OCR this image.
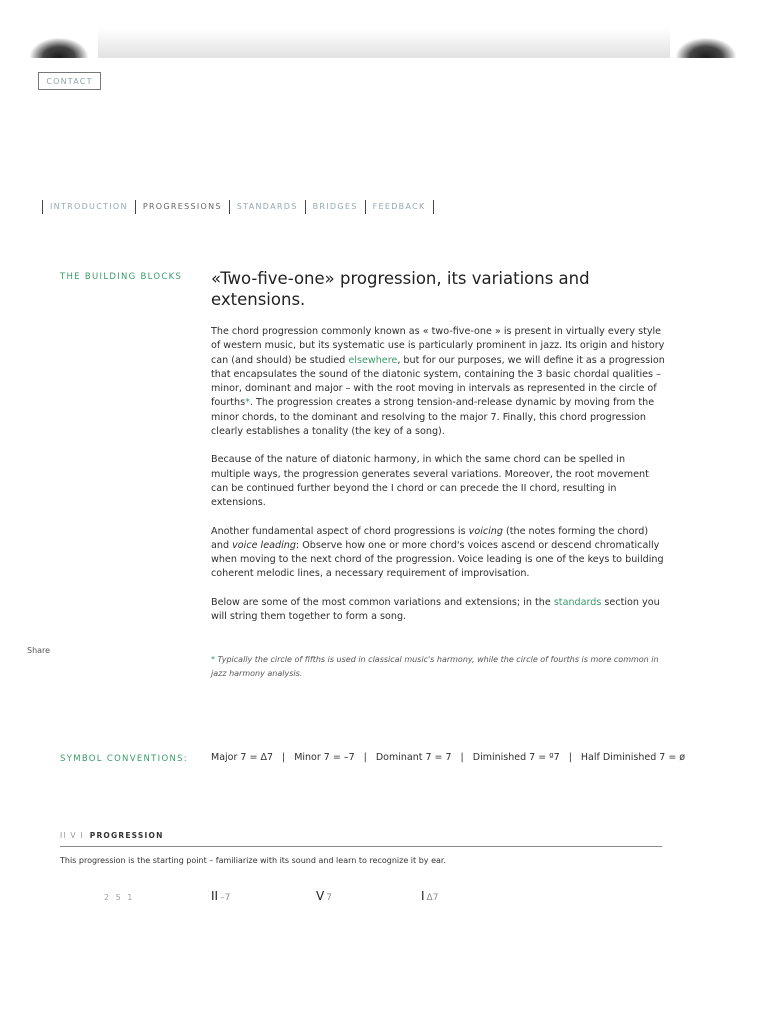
CONTACT
INTRODUCTION	PROGRESSIONS	STANDARDS	BRIDGES	FEEDBACK
THE BUILDING BLOCKS «Two-five-one» progression, its variations and extensions.

The chord progression commonly known as « two-five-one » is present in virtually every style of western music, but its systematic use is particularly prominent in jazz. Its origin and history can (and should) be studied elsewhere, but for our purposes, we will define it as a progression that encapsulates the sound of the diatonic system, containing the 3 basic chordal qualities – minor, dominant and major – with the root moving in intervals as represented in the circle of fourths*. The progression creates a strong tension-and-release dynamic by moving from the minor chords, to the dominant and resolving to the major 7. Finally, this chord progression clearly establishes a tonality (the key of a song).

Because of the nature of diatonic harmony, in which the same chord can be spelled in multiple ways, the progression generates several variations. Moreover, the root movement can be continued further beyond the I chord or can precede the II chord, resulting in extensions.

Another fundamental aspect of chord progressions is voicing (the notes forming the chord) and voice leading: Observe how one or more chord's voices ascend or descend chromatically when moving to the next chord of the progression. Voice leading is one of the keys to building coherent melodic lines, a necessary requirement of improvisation.

Below are some of the most common variations and extensions; in the standards section you will string them together to form a song.

Share
* Typically the circle of fifths is used in classical music's harmony, while the circle of fourths is more common in jazz harmony analysis.
SYMBOL CONVENTIONS: Major 7 = Δ7 | Minor 7 = –7 | Dominant 7 = 7 | Diminished 7 = º7 | Half Diminished 7 = ø
II V I PROGRESSION
This progression is the starting point – familiarize with its sound and learn to recognize it by ear.
2 5 1	II –7	V 7	I Δ7
